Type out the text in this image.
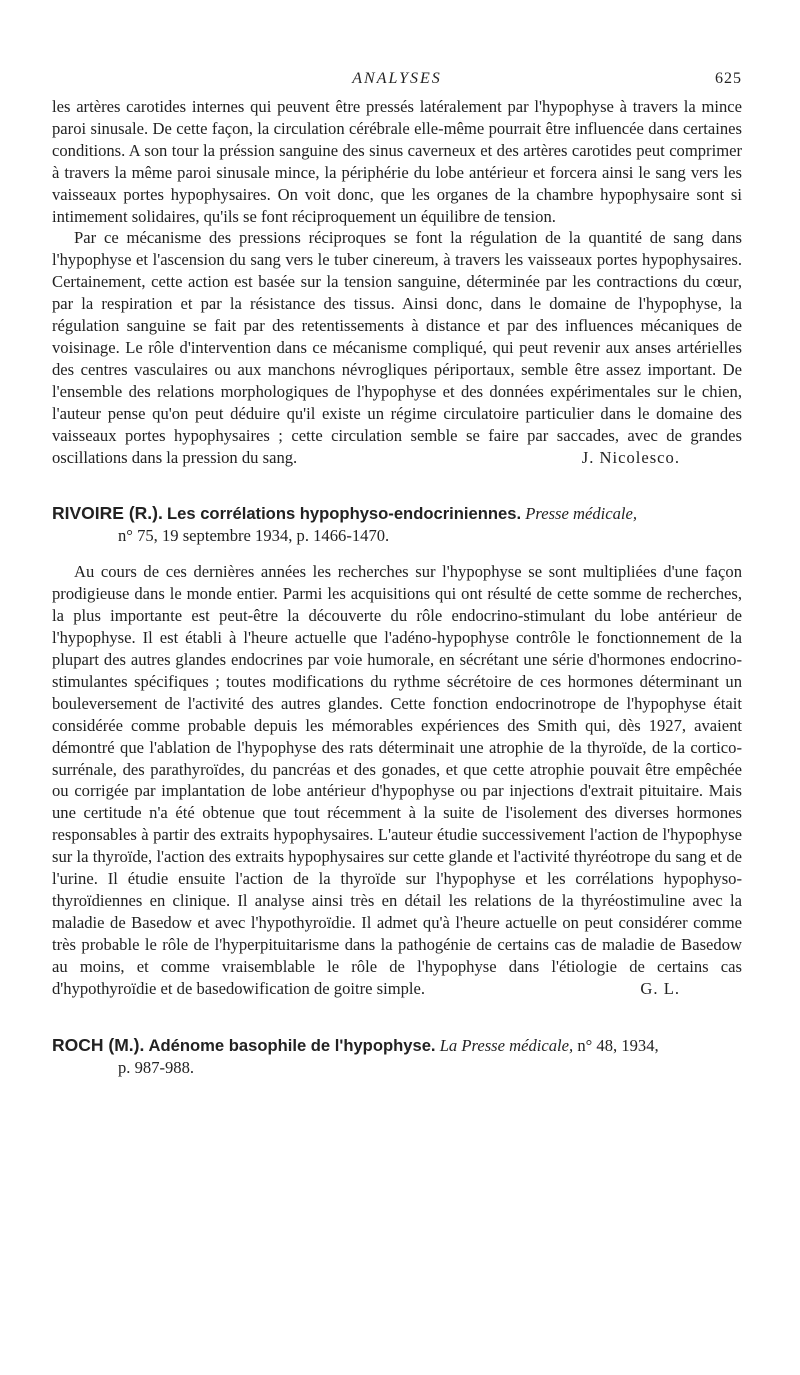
ANALYSES	625

les artères carotides internes qui peuvent être pressés latéralement par l'hypophyse à travers la mince paroi sinusale. De cette façon, la circulation cérébrale elle-même pourrait être influencée dans certaines conditions. A son tour la préssion sanguine des sinus caverneux et des artères carotides peut comprimer à travers la même paroi sinusale mince, la périphérie du lobe antérieur et forcera ainsi le sang vers les vaisseaux portes hypophysaires. On voit donc, que les organes de la chambre hypophysaire sont si intimement solidaires, qu'ils se font réciproquement un équilibre de tension.

Par ce mécanisme des pressions réciproques se font la régulation de la quantité de sang dans l'hypophyse et l'ascension du sang vers le tuber cinereum, à travers les vaisseaux portes hypophysaires. Certainement, cette action est basée sur la tension sanguine, déterminée par les contractions du cœur, par la respiration et par la résistance des tissus. Ainsi donc, dans le domaine de l'hypophyse, la régulation sanguine se fait par des retentissements à distance et par des influences mécaniques de voisinage. Le rôle d'intervention dans ce mécanisme compliqué, qui peut revenir aux anses artérielles des centres vasculaires ou aux manchons névrogliques périportaux, semble être assez important. De l'ensemble des relations morphologiques de l'hypophyse et des données expérimentales sur le chien, l'auteur pense qu'on peut déduire qu'il existe un régime circulatoire particulier dans le domaine des vaisseaux portes hypophysaires ; cette circulation semble se faire par saccades, avec de grandes oscillations dans la pression du sang.	J. Nicolesco.

RIVOIRE (R.). Les corrélations hypophyso-endocriniennes. Presse médicale,
n° 75, 19 septembre 1934, p. 1466-1470.

Au cours de ces dernières années les recherches sur l'hypophyse se sont multipliées d'une façon prodigieuse dans le monde entier. Parmi les acquisitions qui ont résulté de cette somme de recherches, la plus importante est peut-être la découverte du rôle endocrino-stimulant du lobe antérieur de l'hypophyse. Il est établi à l'heure actuelle que l'adéno-hypophyse contrôle le fonctionnement de la plupart des autres glandes endocrines par voie humorale, en sécrétant une série d'hormones endocrino-stimulantes spécifiques ; toutes modifications du rythme sécrétoire de ces hormones déterminant un bouleversement de l'activité des autres glandes. Cette fonction endocrinotrope de l'hypophyse était considérée comme probable depuis les mémorables expériences des Smith qui, dès 1927, avaient démontré que l'ablation de l'hypophyse des rats déterminait une atrophie de la thyroïde, de la cortico-surrénale, des parathyroïdes, du pancréas et des gonades, et que cette atrophie pouvait être empêchée ou corrigée par implantation de lobe antérieur d'hypophyse ou par injections d'extrait pituitaire. Mais une certitude n'a été obtenue que tout récemment à la suite de l'isolement des diverses hormones responsables à partir des extraits hypophysaires. L'auteur étudie successivement l'action de l'hypophyse sur la thyroïde, l'action des extraits hypophysaires sur cette glande et l'activité thyréotrope du sang et de l'urine. Il étudie ensuite l'action de la thyroïde sur l'hypophyse et les corrélations hypophyso-thyroïdiennes en clinique. Il analyse ainsi très en détail les relations de la thyréostimuline avec la maladie de Basedow et avec l'hypothyroïdie. Il admet qu'à l'heure actuelle on peut considérer comme très probable le rôle de l'hyperpituitarisme dans la pathogénie de certains cas de maladie de Basedow au moins, et comme vraisemblable le rôle de l'hypophyse dans l'étiologie de certains cas d'hypothyroïdie et de basedowification de goitre simple.	G. L.

ROCH (M.). Adénome basophile de l'hypophyse. La Presse médicale, n° 48, 1934,
p. 987-988.
